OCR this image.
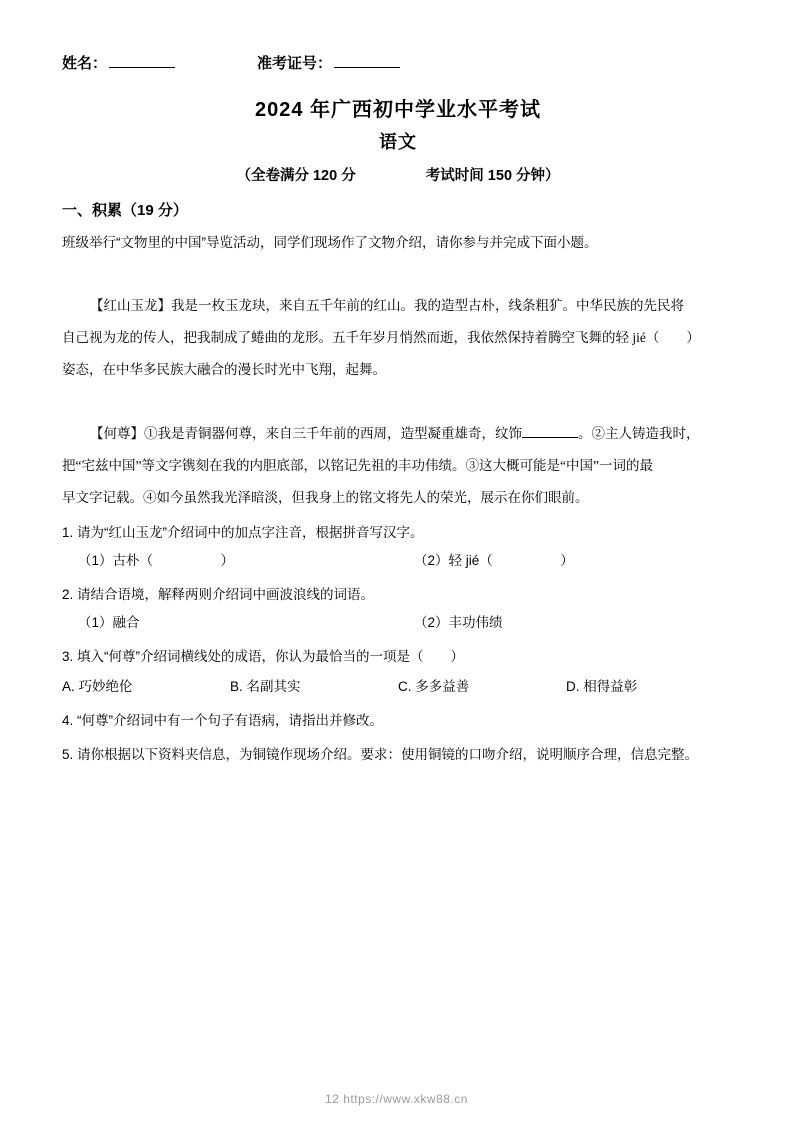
姓名：	准考证号：
2024 年广西初中学业水平考试
语文
（全卷满分 120 分	考试时间 150 分钟）
一、积累（19 分）
班级举行“文物里的中国”导览活动，同学们现场作了文物介绍，请你参与并完成下面小题。
【红山玉龙】我是一枚玉龙玦，来自五千年前的红山。我的造型古朴，线条粗犷。中华民族的先民将
自己视为龙的传人，把我制成了蜷曲的龙形。五千年岁月悄然而逝，我依然保持着腾空飞舞的轻 jié（　　）
姿态，在中华多民族大融合的漫长时光中飞翔，起舞。
【何尊】①我是青铜器何尊，来自三千年前的西周，造型凝重雄奇，纹饰	。②主人铸造我时，
把“宅兹中国”等文字镌刻在我的内胆底部，以铭记先祖的丰功伟绩。③这大概可能是“中国”一词的最
早文字记载。④如今虽然我光泽暗淡，但我身上的铭文将先人的荣光，展示在你们眼前。
1. 请为“红山玉龙”介绍词中的加点字注音，根据拼音写汉字。
（1）古朴（　　　　　）	（2）轻 jié（　　　　　）
2. 请结合语境，解释两则介绍词中画波浪线的词语。
（1）融合	（2）丰功伟绩
3. 填入“何尊”介绍词横线处的成语，你认为最恰当的一项是（　　）
A. 巧妙绝伦	B. 名副其实	C. 多多益善	D. 相得益彰
4. “何尊”介绍词中有一个句子有语病，请指出并修改。
5. 请你根据以下资料夹信息，为铜镜作现场介绍。要求：使用铜镜的口吻介绍，说明顺序合理，信息完整。
12 https://www.xkw88.cn
